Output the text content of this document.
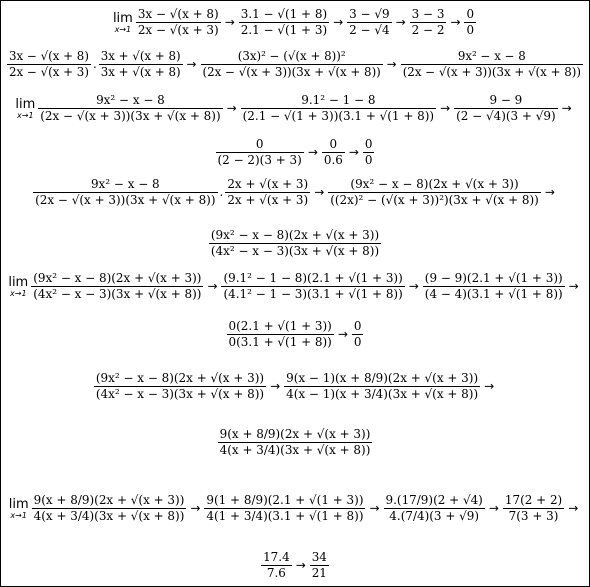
lim
$x\to 1 \frac{3x - √(x + 8)}{2x - √(x + 3)} \to \frac{3.1 - √(1 + 8)}{2.1 - √(1 + 3)} \to \frac{3 - √9}{2 - √4} \to \frac{3 - 3}{2 - 2} \to \frac{0}{0}$
$\frac{3x - √(x + 8)}{2x - √(x + 3)}$ . $\frac{3x + √(x + 8)}{3x + √(x + 8)} \to \frac{\text{(3x)² − (√(x + 8))²}}{(2x - √(x + 3))(3x + √(x + 8))} \to \frac{\text{9x² − x − 8}}{(2x - √(x + 3))(3x + √(x + 8))}$
lim
$x\to 1 \frac{\text{9x² − x − 8}}{(2x - √(x + 3))(3x + √(x + 8))} \to \frac{\text{9.1² − 1 − 8}}{(2.1 - √(1 + 3))(3.1 + √(1 + 8))} \to \frac{9 - 9}{(2 - √4)(3 + √9)}$ →
$\frac{0}{(2 - 2)(3 + 3)} \to \frac{0}{0.6} \to \frac{0}{0}$
$\frac{\text{9x² − x − 8}}{(2x - √(x + 3))(3x + √(x + 8))}$ . $\frac{2x + √(x + 3)}{2x + √(x + 3)} \to \frac{\text{(9x² − x − 8)(2x + √(x + 3))}}{\text{((2x)² − (√(x + 3))²)(3x + √(x + 8))}}$ →
$\frac{\text{(9x² − x − 8)(2x + √(x + 3))}}{\text{(4x² − x − 3)(3x + √(x + 8))}}$
lim
$x\to 1 \frac{\text{(9x² − x − 8)(2x + √(x + 3))}}{\text{(4x² − x − 3)(3x + √(x + 8))}} \to \frac{\text{(9.1² − 1 − 8)(2.1 + √(1 + 3))}}{\text{(4.1² − 1 − 3)(3.1 + √(1 + 8))}} \to \frac{(9 - 9)(2.1 + √(1 + 3))}{(4 - 4)(3.1 + √(1 + 8))}$ →
$\frac{0(2.1 + √(1 + 3))}{0(3.1 + √(1 + 8))} \to \frac{0}{0}$
$\frac{\text{(9x² − x − 8)(2x + √(x + 3))}}{\text{(4x² − x − 3)(3x + √(x + 8))}} \to \frac{9(x - 1)(x + 8/9)(2x + √(x + 3))}{4(x - 1)(x + 3/4)(3x + √(x + 8))}$ →
$\frac{9(x + 8/9)(2x + √(x + 3))}{4(x + 3/4)(3x + √(x + 8))}$
lim
$x\to 1 \frac{9(x + 8/9)(2x + √(x + 3))}{4(x + 3/4)(3x + √(x + 8))} \to \frac{9(1 + 8/9)(2.1 + √(1 + 3))}{4(1 + 3/4)(3.1 + √(1 + 8))} \to \frac{9.(17/9)(2 + √4)}{4.(7/4)(3 + √9)} \to \frac{17(2 + 2)}{7(3 + 3)}$ →
$\frac{17.4}{7.6} \to \frac{34}{21}$
